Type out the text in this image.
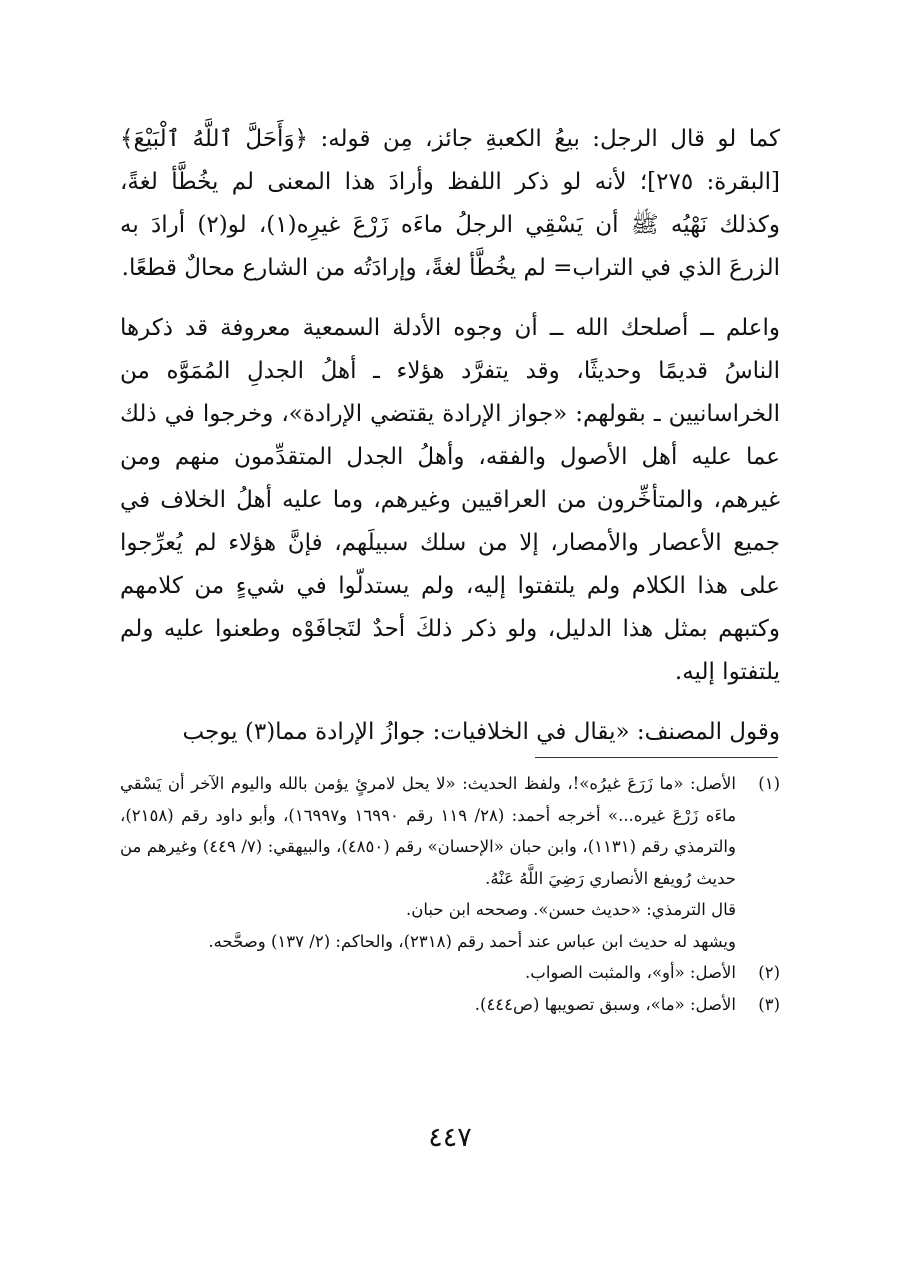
كما لو قال الرجل: بيعُ الكعبةِ جائز، مِن قوله: ﴿وَأَحَلَّ ٱللَّهُ ٱلْبَيْعَ﴾ [البقرة: ٢٧٥]؛ لأنه لو ذكر اللفظ وأرادَ هذا المعنى لم يخُطَّأ لغةً، وكذلك نَهْيُه ﷺ أن يَسْقِي الرجلُ ماءَه زَرْعَ غيرِه(١)، لو(٢) أرادَ به الزرعَ الذي في التراب= لم يخُطَّأ لغةً، وإرادَتُه من الشارع محالٌ قطعًا.

واعلم ــ أصلحك الله ــ أن وجوه الأدلة السمعية معروفة قد ذكرها الناسُ قديمًا وحديثًا، وقد يتفرَّد هؤلاء ـ أهلُ الجدلِ المُمَوَّه من الخراسانيين ـ بقولهم: «جواز الإرادة يقتضي الإرادة»، وخرجوا في ذلك عما عليه أهل الأصول والفقه، وأهلُ الجدل المتقدِّمون منهم ومن غيرهم، والمتأخِّرون من العراقيين وغيرهم، وما عليه أهلُ الخلاف في جميع الأعصار والأمصار، إلا من سلك سبيلَهم، فإنَّ هؤلاء لم يُعرِّجوا على هذا الكلام ولم يلتفتوا إليه، ولم يستدلّوا في شيءٍ من كلامهم وكتبهم بمثل هذا الدليل، ولو ذكر ذلكَ أحدٌ لتَجافَوْه وطعنوا عليه ولم يلتفتوا إليه.

وقول المصنف: «يقال في الخلافيات: جوازُ الإرادة مما(٣) يوجب

(١)

الأصل: «ما زَرَعَ غيرُه»!، ولفظ الحديث: «لا يحل لامرئٍ يؤمن بالله واليوم الآخر أن يَسْقي ماءَه زَرْعَ غيره...» أخرجه أحمد: (٢٨/ ١١٩ رقم ١٦٩٩٠ و١٦٩٩٧)، وأبو داود رقم (٢١٥٨)، والترمذي رقم (١١٣١)، وابن حبان «الإحسان» رقم (٤٨٥٠)، والبيهقي: (٧/ ٤٤٩) وغيرهم من حديث رُويفع الأنصاري رَضِيَ اللَّهُ عَنْهُ.

قال الترمذي: «حديث حسن». وصححه ابن حبان.

ويشهد له حديث ابن عباس عند أحمد رقم (٢٣١٨)، والحاكم: (٢/ ١٣٧) وصحَّحه.

(٢)

الأصل: «أو»، والمثبت الصواب.

(٣)

الأصل: «ما»، وسبق تصويبها (ص٤٤٤).

٤٤٧
